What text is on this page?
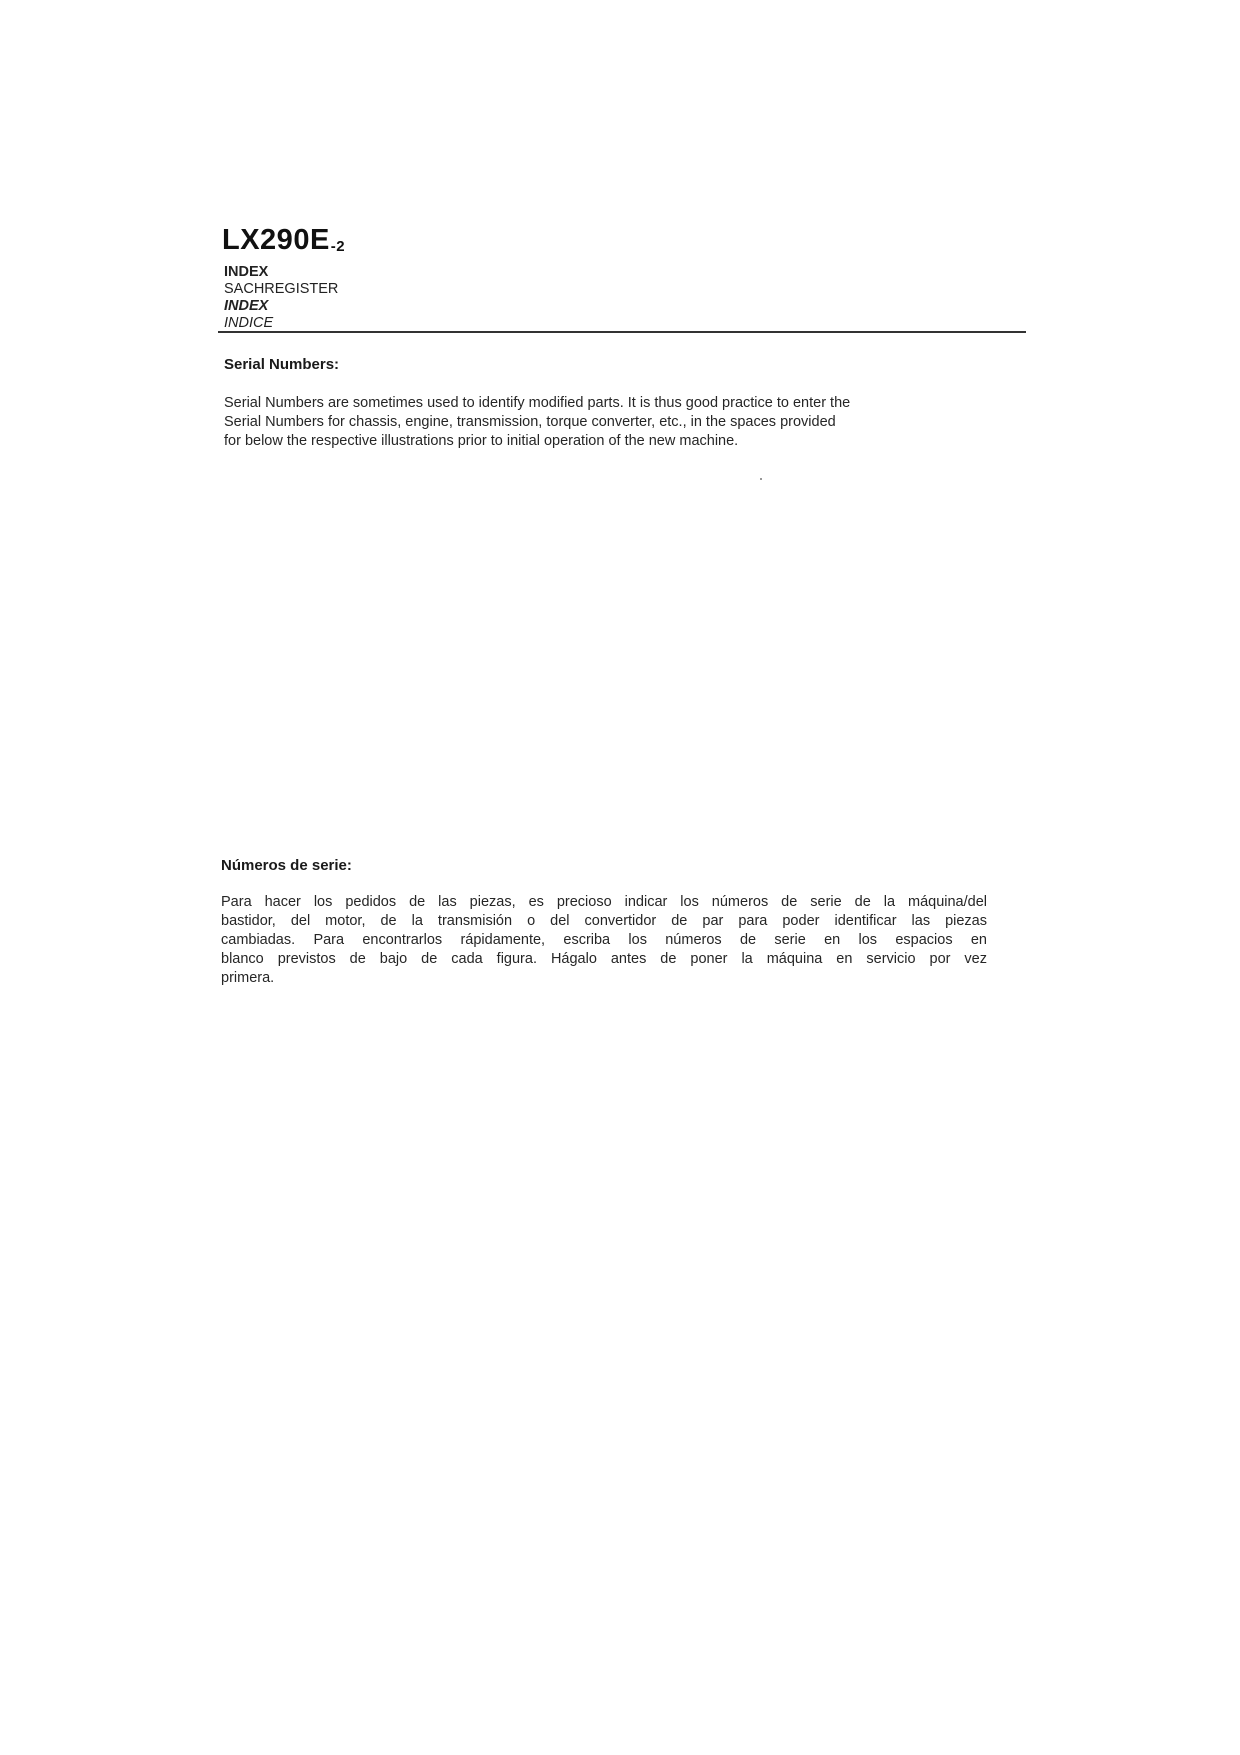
LX290E-2
INDEX
SACHREGISTER
INDEX
INDICE
Serial Numbers:
Serial Numbers are sometimes used to identify modified parts. It is thus good practice to enter the
Serial Numbers for chassis, engine, transmission, torque converter, etc., in the spaces provided
for below the respective illustrations prior to initial operation of the new machine.
Números de serie:
Para hacer los pedidos de las piezas, es precioso indicar los números de serie de la máquina/del
bastidor, del motor, de la transmisión o del convertidor de par para poder identificar las piezas
cambiadas. Para encontrarlos rápidamente, escriba los números de serie en los espacios en
blanco previstos de bajo de cada figura. Hágalo antes de poner la máquina en servicio por vez
primera.
